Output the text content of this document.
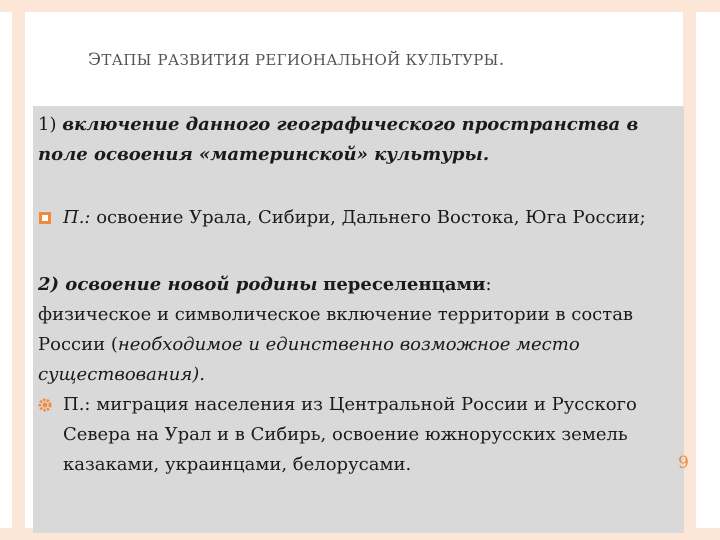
ЭТАПЫ РАЗВИТИЯ РЕГИОНАЛЬНОЙ КУЛЬТУРЫ.
9
1) включение данного географического пространства в поле освоения «материнской» культуры.
П.: освоение Урала, Сибири, Дальнего Востока, Юга России;
2) освоение новой родины переселенцами:
физическое и символическое включение территории в состав России (необходимое и единственно возможное место существования).
П.: миграция населения из Центральной России и Русского Севера на Урал и в Сибирь, освоение южнорусских земель казаками, украинцами, белорусами.
